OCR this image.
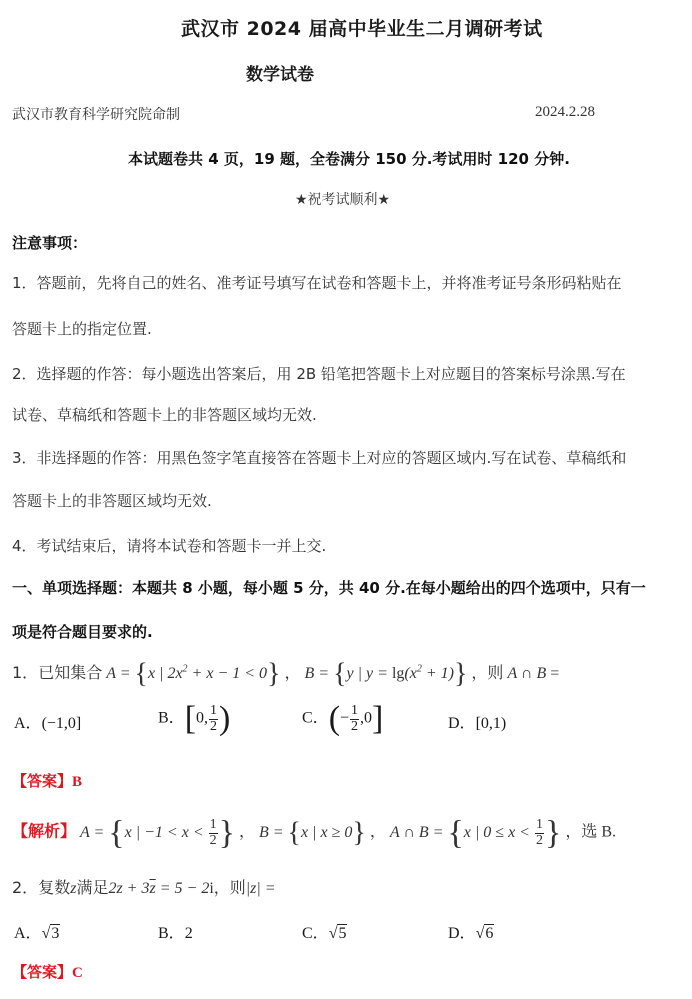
武汉市 2024 届高中毕业生二月调研考试
数学试卷
武汉市教育科学研究院命制	2024.2.28
本试题卷共 4 页，19 题，全卷满分 150 分.考试用时 120 分钟.
★祝考试顺利★
注意事项：
1．答题前，先将自己的姓名、准考证号填写在试卷和答题卡上，并将准考证号条形码粘贴在
答题卡上的指定位置.
2．选择题的作答：每小题选出答案后，用 2B 铅笔把答题卡上对应题目的答案标号涂黑.写在
试卷、草稿纸和答题卡上的非答题区域均无效.
3．非选择题的作答：用黑色签字笔直接答在答题卡上对应的答题区域内.写在试卷、草稿纸和
答题卡上的非答题区域均无效.
4．考试结束后，请将本试卷和答题卡一并上交.
一、单项选择题：本题共 8 小题，每小题 5 分，共 40 分.在每小题给出的四个选项中，只有一
项是符合题目要求的.
1．已知集合 A = {x | $2x^2 + x - 1 < 0$} ， B = {y | $y = \lg(x^2 + 1)$} ，则 A ∩ B =
A．(−1,0]	B．[0, $\frac{1}{2}$ )	C．(− $\frac{1}{2} ,0$]	D．[0,1)
【答案】B
【解析】 A = {x | $-1 < x < \frac{1}{2}$ } ， B = {x | x ≥ 0} ， A ∩ B = {x | $0 \le x < \frac{1}{2}$ } ，选 B.
2．复数z满足$2z + 3\overline{z} = 5 - 2i$，则|z| =
A．√3	B．2	C．√5	D．√6
【答案】C
